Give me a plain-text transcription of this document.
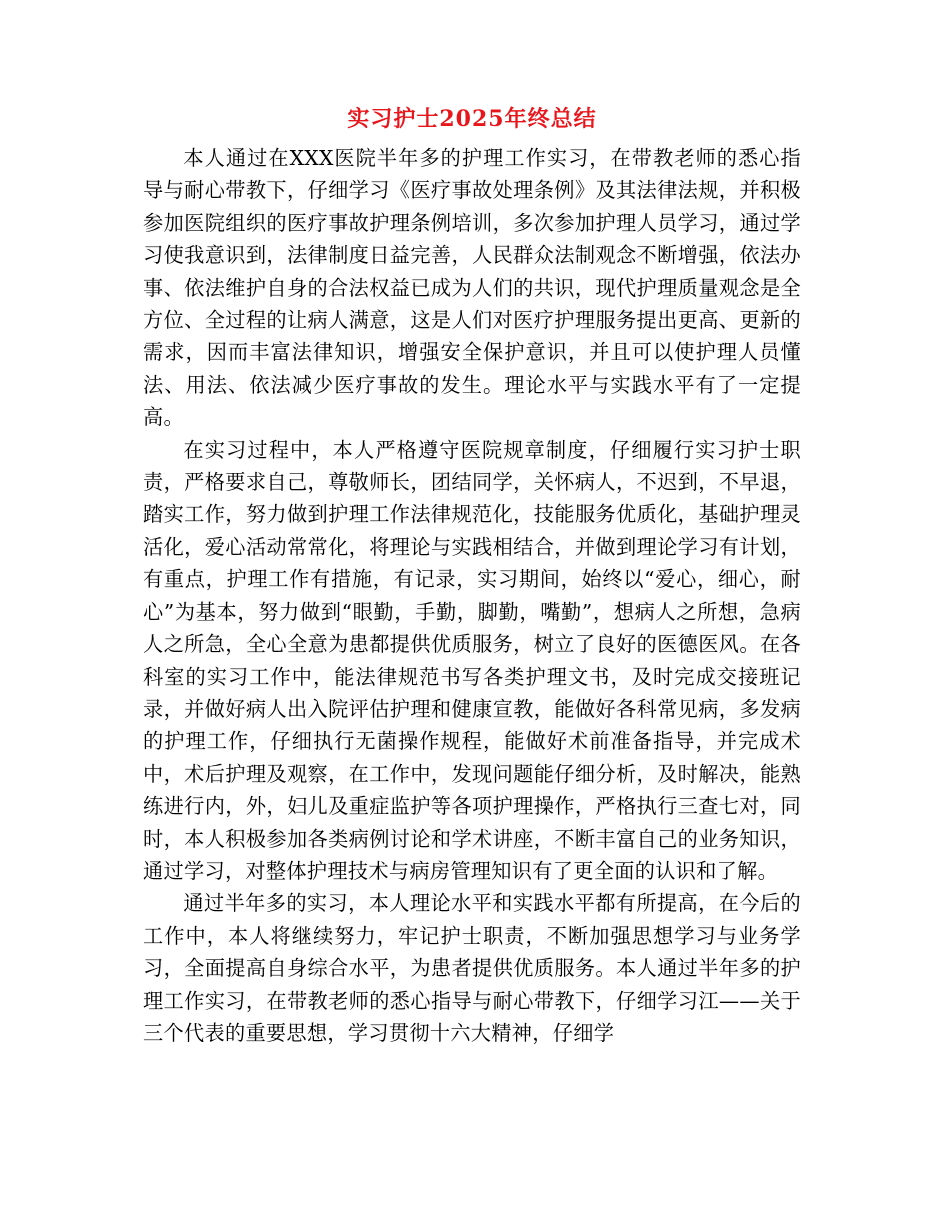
实习护士2025年终总结

本人通过在XXX医院半年多的护理工作实习，在带教老师的悉心指导与耐心带教下，仔细学习《医疗事故处理条例》及其法律法规，并积极参加医院组织的医疗事故护理条例培训，多次参加护理人员学习，通过学习使我意识到，法律制度日益完善，人民群众法制观念不断增强，依法办事、依法维护自身的合法权益已成为人们的共识，现代护理质量观念是全方位、全过程的让病人满意，这是人们对医疗护理服务提出更高、更新的需求，因而丰富法律知识，增强安全保护意识，并且可以使护理人员懂法、用法、依法减少医疗事故的发生。理论水平与实践水平有了一定提高。

在实习过程中，本人严格遵守医院规章制度，仔细履行实习护士职责，严格要求自己，尊敬师长，团结同学，关怀病人，不迟到，不早退，踏实工作，努力做到护理工作法律规范化，技能服务优质化，基础护理灵活化，爱心活动常常化，将理论与实践相结合，并做到理论学习有计划，有重点，护理工作有措施，有记录，实习期间，始终以“爱心，细心，耐心”为基本，努力做到“眼勤，手勤，脚勤，嘴勤”，想病人之所想，急病人之所急，全心全意为患都提供优质服务，树立了良好的医德医风。在各科室的实习工作中，能法律规范书写各类护理文书，及时完成交接班记录，并做好病人出入院评估护理和健康宣教，能做好各科常见病，多发病的护理工作，仔细执行无菌操作规程，能做好术前准备指导，并完成术中，术后护理及观察，在工作中，发现问题能仔细分析，及时解决，能熟练进行内，外，妇儿及重症监护等各项护理操作，严格执行三查七对，同时，本人积极参加各类病例讨论和学术讲座，不断丰富自己的业务知识，通过学习，对整体护理技术与病房管理知识有了更全面的认识和了解。

通过半年多的实习，本人理论水平和实践水平都有所提高，在今后的工作中，本人将继续努力，牢记护士职责，不断加强思想学习与业务学习，全面提高自身综合水平，为患者提供优质服务。本人通过半年多的护理工作实习，在带教老师的悉心指导与耐心带教下，仔细学习江——关于三个代表的重要思想，学习贯彻十六大精神，仔细学
